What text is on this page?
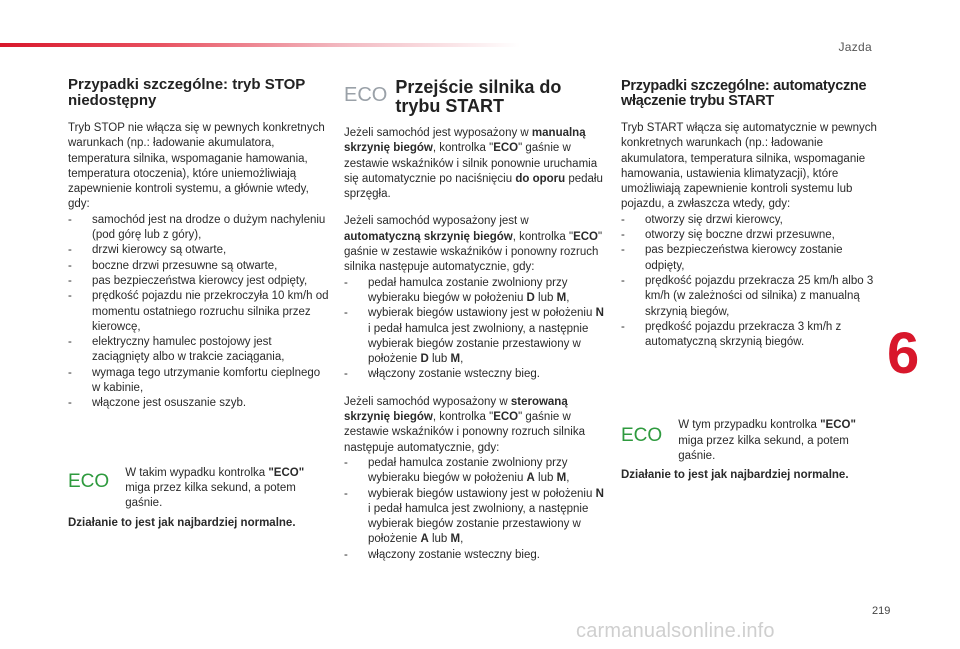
Jazda
6
219
carmanualsonline.info
Przypadki szczególne: tryb STOP niedostępny

Tryb STOP nie włącza się w pewnych konkretnych warunkach (np.: ładowanie akumulatora, temperatura silnika, wspomaganie hamowania, temperatura otoczenia), które uniemożliwiają zapewnienie kontroli systemu, a głównie wtedy, gdy:

- samochód jest na drodze o dużym nachyleniu (pod górę lub z góry),
- drzwi kierowcy są otwarte,
- boczne drzwi przesuwne są otwarte,
- pas bezpieczeństwa kierowcy jest odpięty,
- prędkość pojazdu nie przekroczyła 10 km/h od momentu ostatniego rozruchu silnika przez kierowcę,
- elektryczny hamulec postojowy jest zaciągnięty albo w trakcie zaciągania,
- wymaga tego utrzymanie komfortu cieplnego w kabinie,
- włączone jest osuszanie szyb.
ECO W takim wypadku kontrolka "ECO" miga przez kilka sekund, a potem gaśnie.

Działanie to jest jak najbardziej normalne.

ECO Przejście silnika do trybu START

Jeżeli samochód jest wyposażony w manualną skrzynię biegów, kontrolka "ECO" gaśnie w zestawie wskaźników i silnik ponownie uruchamia się automatycznie po naciśnięciu do oporu pedału sprzęgła.

Jeżeli samochód wyposażony jest w automatyczną skrzynię biegów, kontrolka "ECO" gaśnie w zestawie wskaźników i ponowny rozruch silnika następuje automatycznie, gdy:

- pedał hamulca zostanie zwolniony przy wybieraku biegów w położeniu D lub M,
- wybierak biegów ustawiony jest w położeniu N i pedał hamulca jest zwolniony, a następnie wybierak biegów zostanie przestawiony w położenie D lub M,
- włączony zostanie wsteczny bieg.

Jeżeli samochód wyposażony w sterowaną skrzynię biegów, kontrolka "ECO" gaśnie w zestawie wskaźników i ponowny rozruch silnika następuje automatycznie, gdy:

- pedał hamulca zostanie zwolniony przy wybieraku biegów w położeniu A lub M,
- wybierak biegów ustawiony jest w położeniu N i pedał hamulca jest zwolniony, a następnie wybierak biegów zostanie przestawiony w położenie A lub M,
- włączony zostanie wsteczny bieg.
Przypadki szczególne: automatyczne włączenie trybu START

Tryb START włącza się automatycznie w pewnych konkretnych warunkach (np.: ładowanie akumulatora, temperatura silnika, wspomaganie hamowania, ustawienia klimatyzacji), które umożliwiają zapewnienie kontroli systemu lub pojazdu, a zwłaszcza wtedy, gdy:

- otworzy się drzwi kierowcy,
- otworzy się boczne drzwi przesuwne,
- pas bezpieczeństwa kierowcy zostanie odpięty,
- prędkość pojazdu przekracza 25 km/h albo 3 km/h (w zależności od silnika) z manualną skrzynią biegów,
- prędkość pojazdu przekracza 3 km/h z automatyczną skrzynią biegów.
ECO W tym przypadku kontrolka "ECO" miga przez kilka sekund, a potem gaśnie.

Działanie to jest jak najbardziej normalne.
